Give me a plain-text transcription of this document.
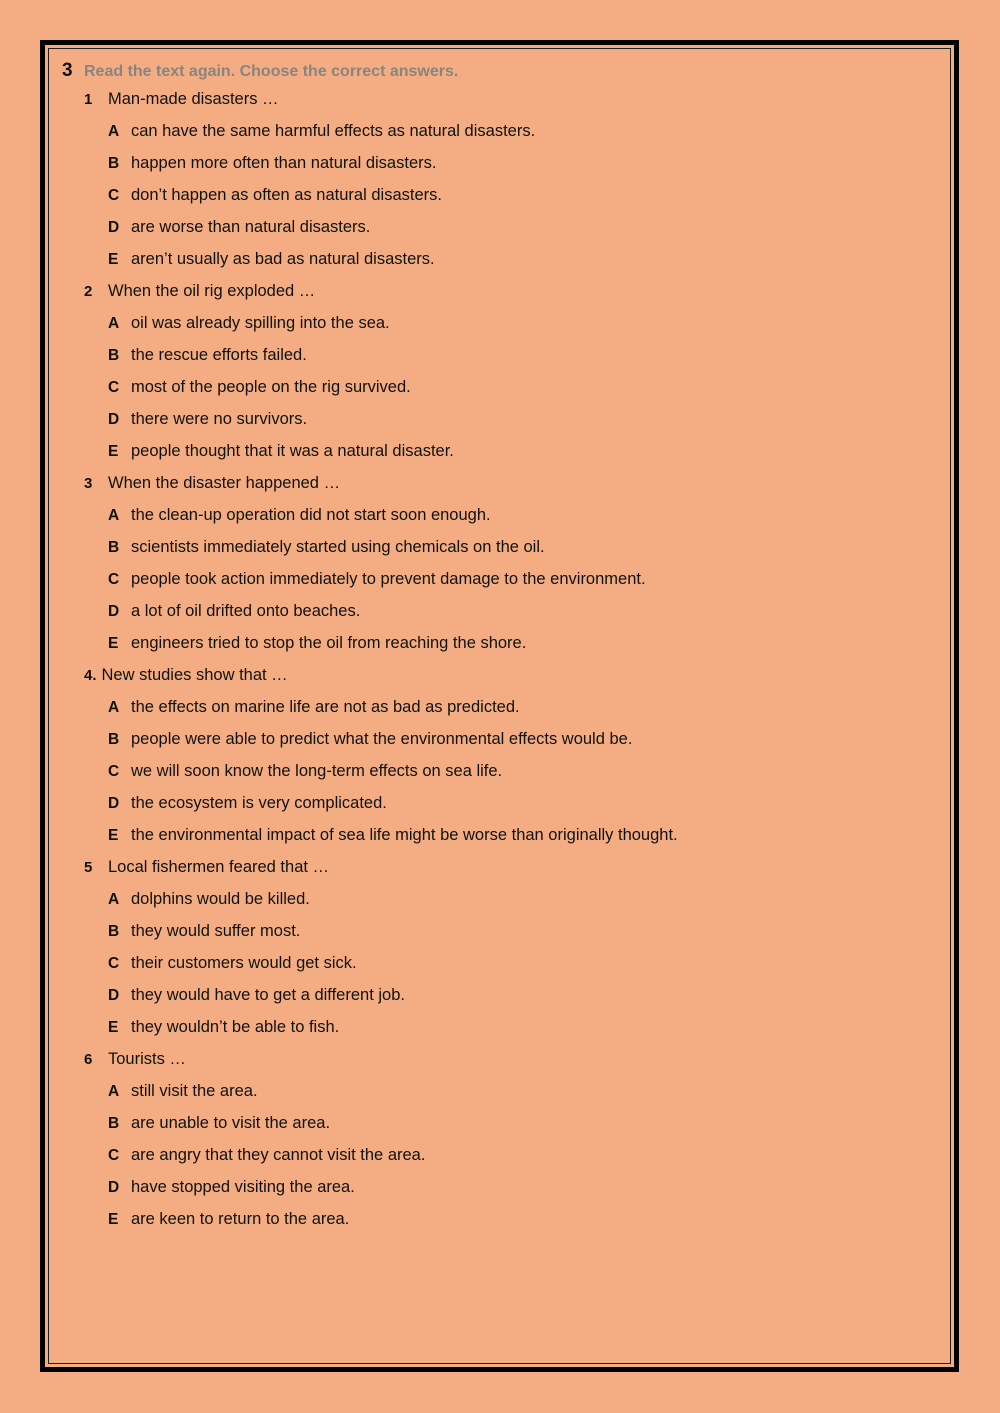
3 Read the text again. Choose the correct answers.
1 Man-made disasters …
A can have the same harmful effects as natural disasters.
B happen more often than natural disasters.
C don’t happen as often as natural disasters.
D are worse than natural disasters.
E aren’t usually as bad as natural disasters.
2 When the oil rig exploded …
A oil was already spilling into the sea.
B the rescue efforts failed.
C most of the people on the rig survived.
D there were no survivors.
E people thought that it was a natural disaster.
3 When the disaster happened …
A the clean-up operation did not start soon enough.
B scientists immediately started using chemicals on the oil.
C people took action immediately to prevent damage to the environment.
D a lot of oil drifted onto beaches.
E engineers tried to stop the oil from reaching the shore.
4. New studies show that …
A the effects on marine life are not as bad as predicted.
B people were able to predict what the environmental effects would be.
C we will soon know the long-term effects on sea life.
D the ecosystem is very complicated.
E the environmental impact of sea life might be worse than originally thought.
5 Local fishermen feared that …
A dolphins would be killed.
B they would suffer most.
C their customers would get sick.
D they would have to get a different job.
E they wouldn’t be able to fish.
6 Tourists …
A still visit the area.
B are unable to visit the area.
C are angry that they cannot visit the area.
D have stopped visiting the area.
E are keen to return to the area.
